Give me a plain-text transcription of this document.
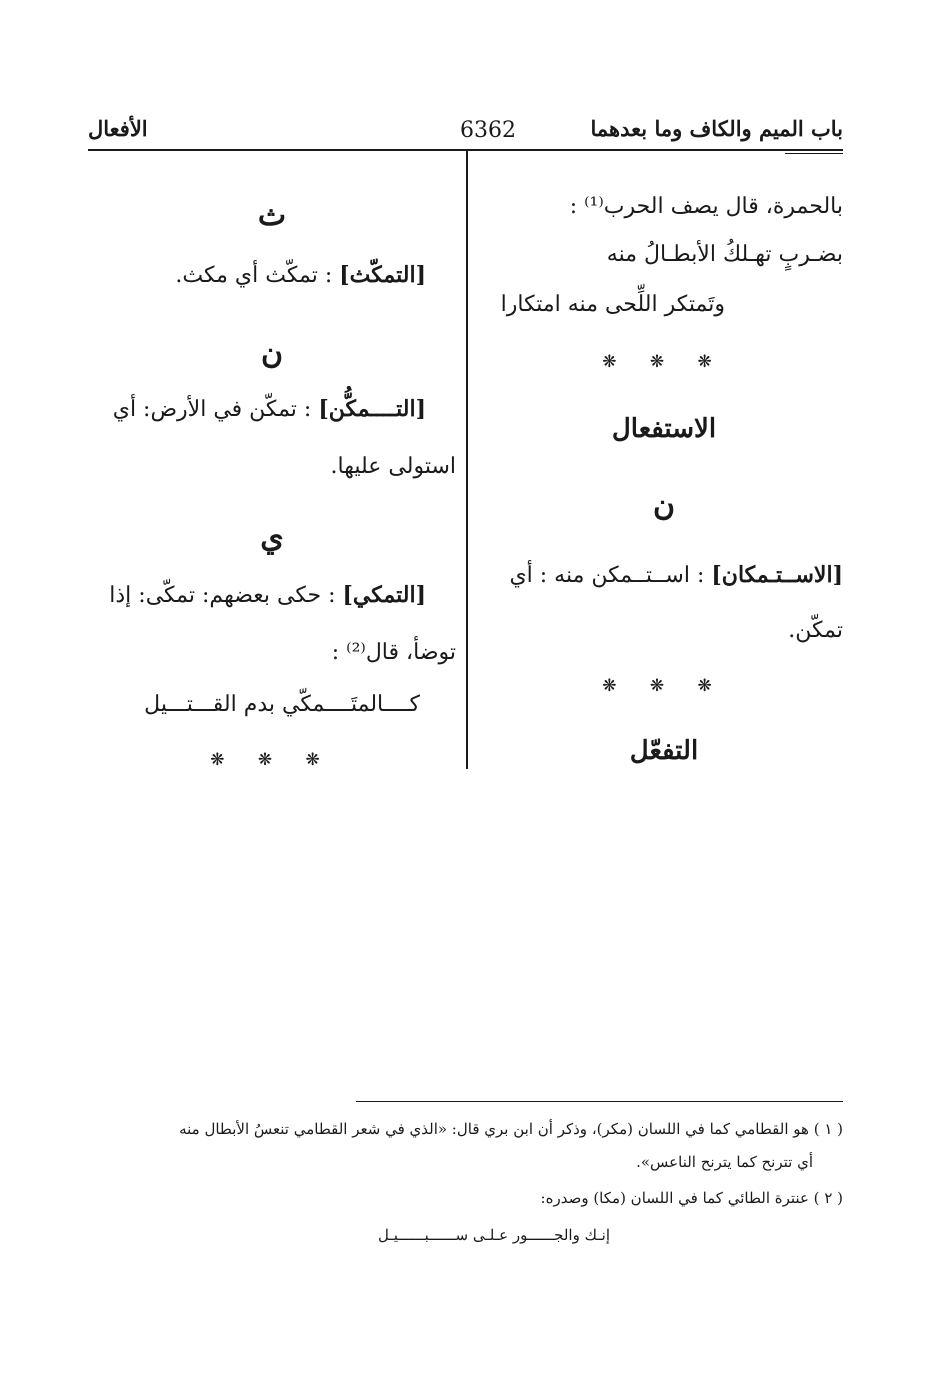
باب الميم والكاف وما بعدهما
6362
الأفعال
بالحمرة، قال يصف الحرب⁽¹⁾ :
بضـربٍ تهـلكُ الأبطـالُ منه
وتَمتكر اللِّحى منه امتكارا
❋ ❋ ❋
الاستفعال
ن
[الاســتـمكان] : اســتــمكن منه : أي
تمكّن.
❋ ❋ ❋
التفعّل
ث
[التمكّث] : تمكّث أي مكث.
ن
[التــــمكُّن] : تمكّن في الأرض: أي
استولى عليها.
ي
[التمكي] : حكى بعضهم: تمكّى: إذا
توضأ، قال⁽²⁾ :
كــــالمتَــــمكّي بدم القـــتـــيل
❋ ❋ ❋
( ١ ) هو القطامي كما في اللسان (مكر)، وذكر أن ابن بري قال: «الذي في شعر القطامي تنعسُ الأبطال منه
أي تترنح كما يترنح الناعس».
( ٢ ) عنترة الطائي كما في اللسان (مكا) وصدره:
إنـك والجــــــور عـلـى ســــــبــــــيـل
